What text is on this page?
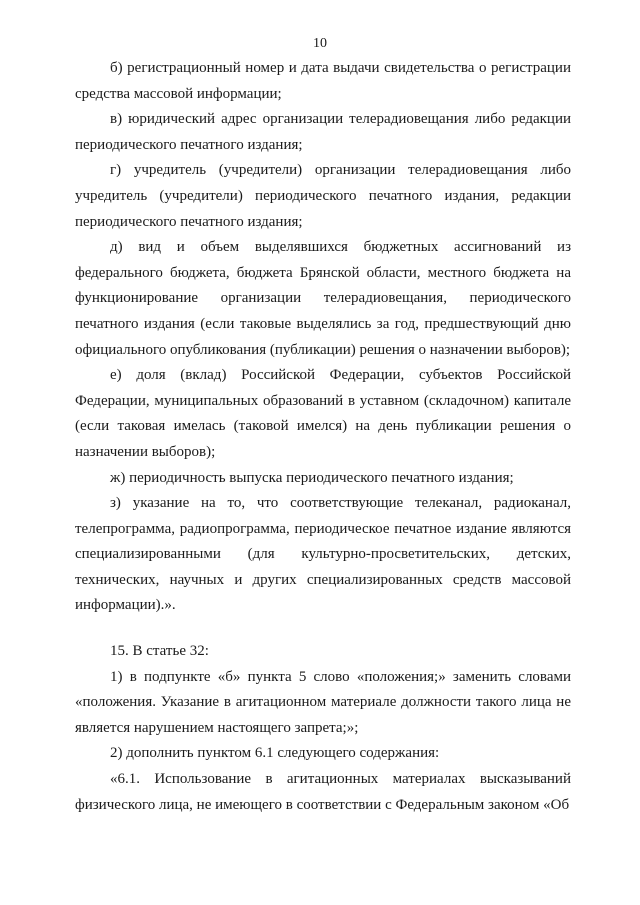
10

б) регистрационный номер и дата выдачи свидетельства о регистрации средства массовой информации;

в) юридический адрес организации телерадиовещания либо редакции периодического печатного издания;

г) учредитель (учредители) организации телерадиовещания либо учредитель (учредители) периодического печатного издания, редакции периодического печатного издания;

д) вид и объем выделявшихся бюджетных ассигнований из федерального бюджета, бюджета Брянской области, местного бюджета на функционирование организации телерадиовещания, периодического печатного издания (если таковые выделялись за год, предшествующий дню официального опубликования (публикации) решения о назначении выборов);

е) доля (вклад) Российской Федерации, субъектов Российской Федерации, муниципальных образований в уставном (складочном) капитале (если таковая имелась (таковой имелся) на день публикации решения о назначении выборов);

ж) периодичность выпуска периодического печатного издания;

з) указание на то, что соответствующие телеканал, радиоканал, телепрограмма, радиопрограмма, периодическое печатное издание являются специализированными (для культурно-просветительских, детских, технических, научных и других специализированных средств массовой информации).».

15. В статье 32:

1) в подпункте «б» пункта 5 слово «положения;» заменить словами «положения. Указание в агитационном материале должности такого лица не является нарушением настоящего запрета;»;

2) дополнить пунктом 6.1 следующего содержания:

«6.1. Использование в агитационных материалах высказываний физического лица, не имеющего в соответствии с Федеральным законом «Об
